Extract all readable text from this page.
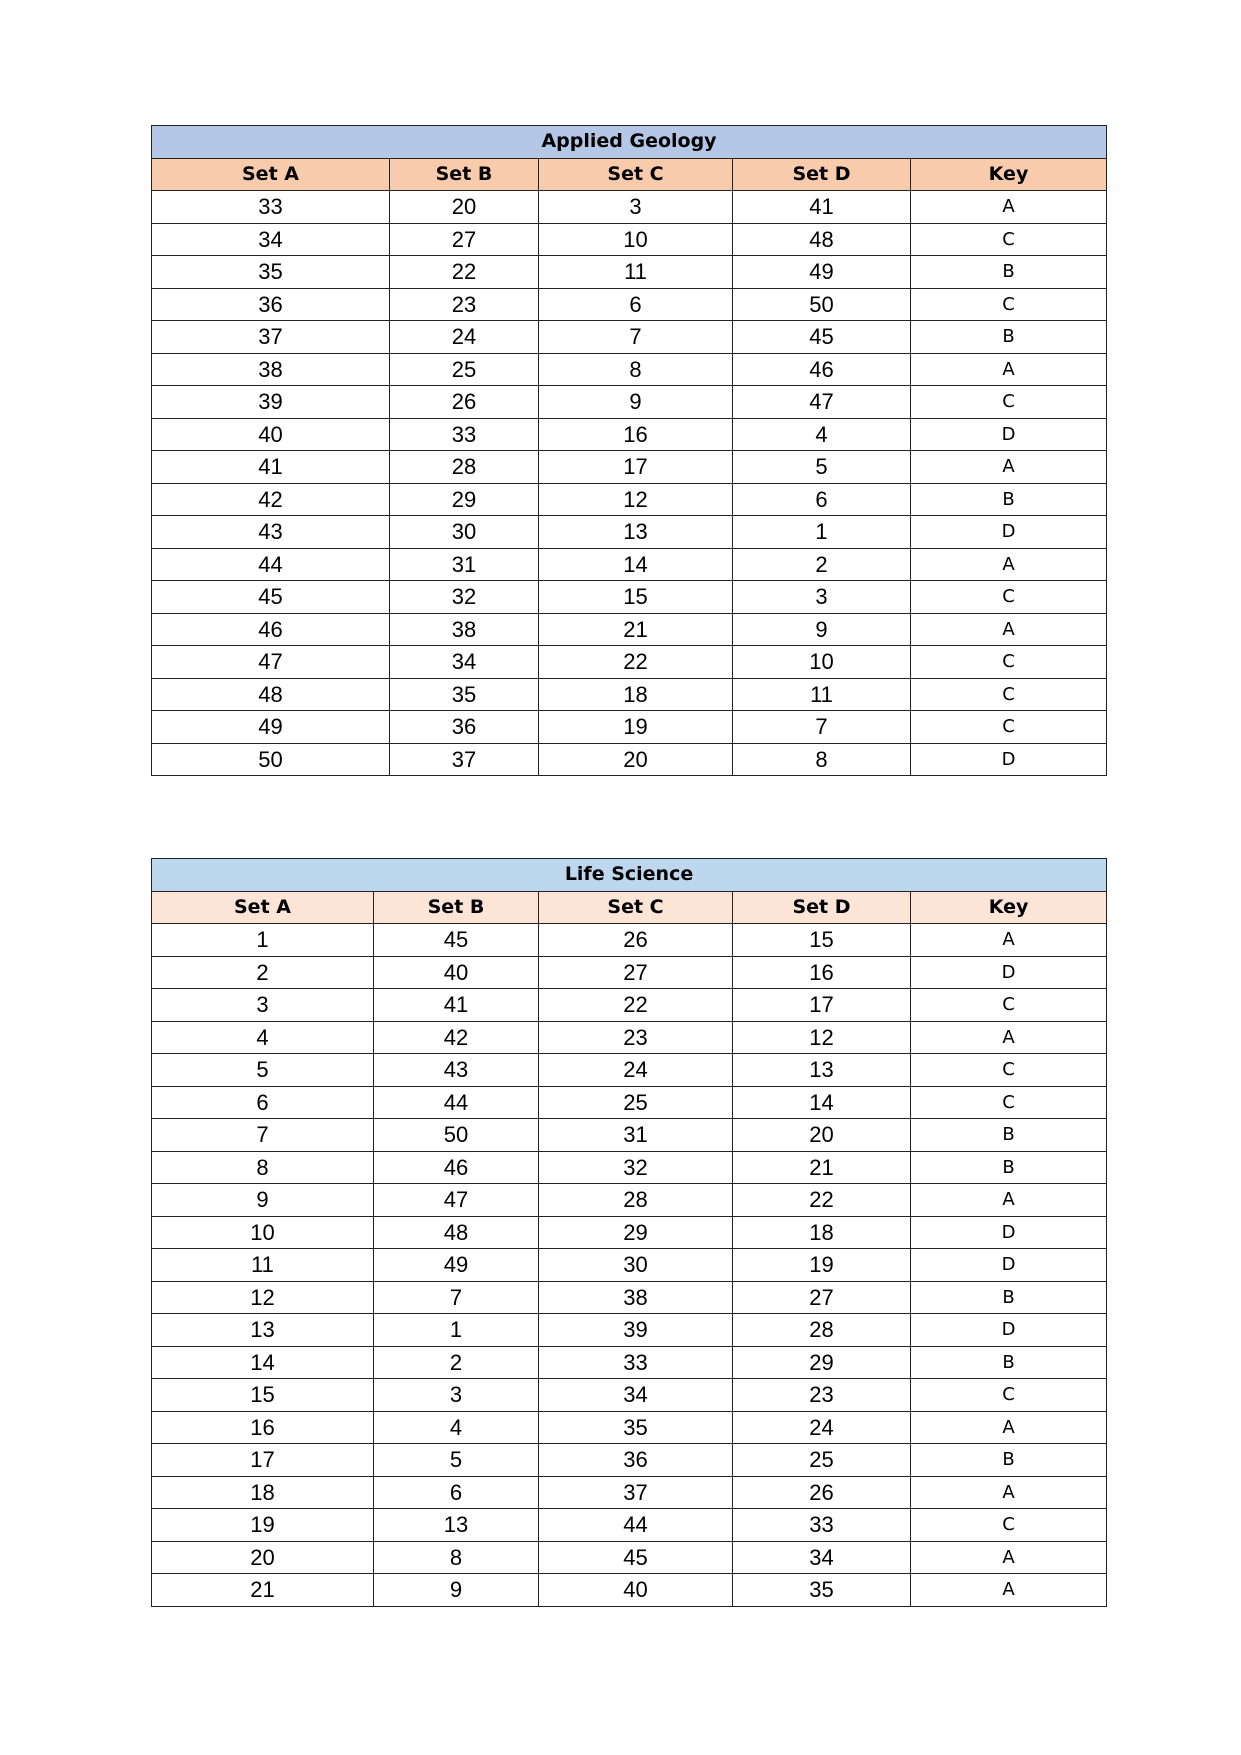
Applied Geology				
Set A	Set B	Set C	Set D	Key
33	20	3	41	A
34	27	10	48	C
35	22	11	49	B
36	23	6	50	C
37	24	7	45	B
38	25	8	46	A
39	26	9	47	C
40	33	16	4	D
41	28	17	5	A
42	29	12	6	B
43	30	13	1	D
44	31	14	2	A
45	32	15	3	C
46	38	21	9	A
47	34	22	10	C
48	35	18	11	C
49	36	19	7	C
50	37	20	8	D
Life Science				
Set A	Set B	Set C	Set D	Key
1	45	26	15	A
2	40	27	16	D
3	41	22	17	C
4	42	23	12	A
5	43	24	13	C
6	44	25	14	C
7	50	31	20	B
8	46	32	21	B
9	47	28	22	A
10	48	29	18	D
11	49	30	19	D
12	7	38	27	B
13	1	39	28	D
14	2	33	29	B
15	3	34	23	C
16	4	35	24	A
17	5	36	25	B
18	6	37	26	A
19	13	44	33	C
20	8	45	34	A
21	9	40	35	A
